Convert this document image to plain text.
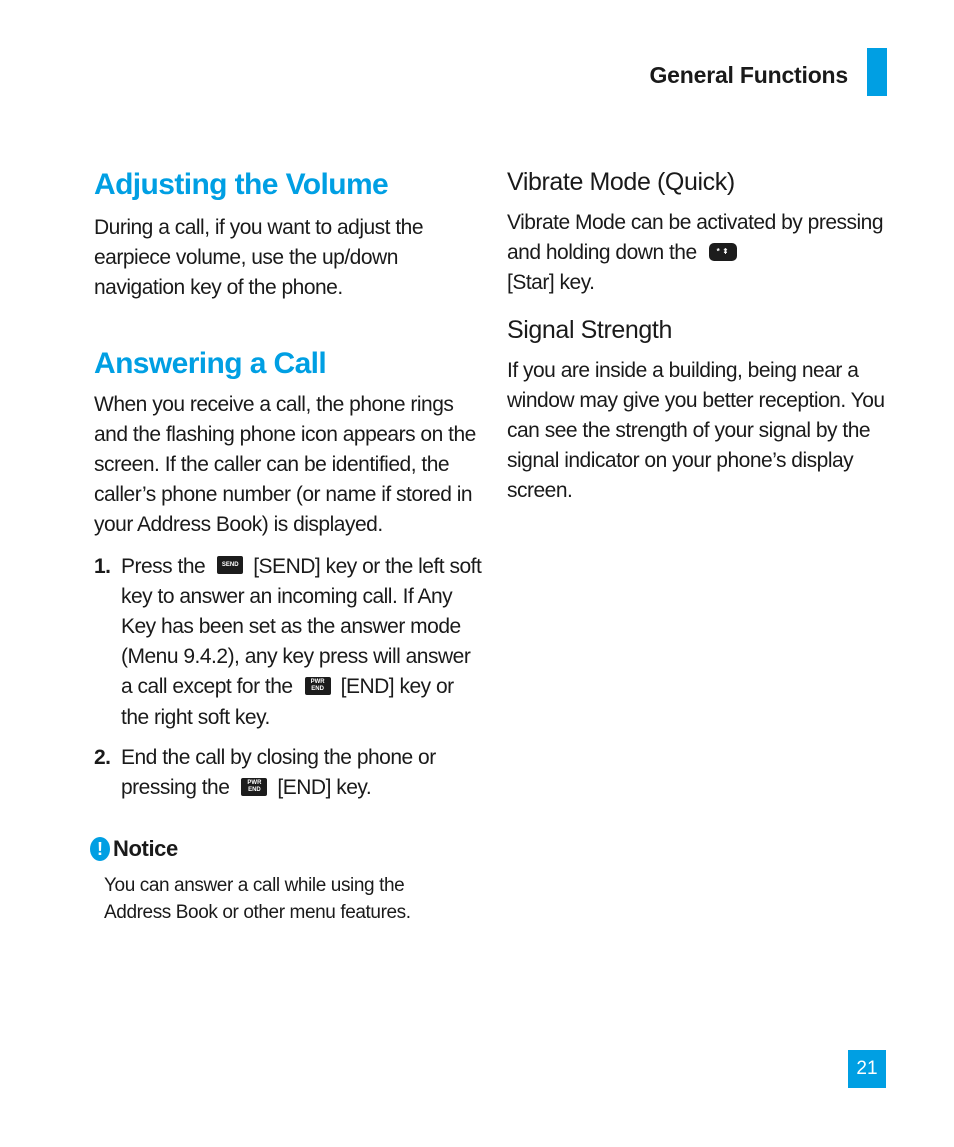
General Functions
Adjusting the Volume

During a call, if you want to adjust the earpiece volume, use the up/down navigation key of the phone.

Answering a Call

When you receive a call, the phone rings and the flashing phone icon appears on the screen. If the caller can be identified, the caller’s phone number (or name if stored in your Address Book) is displayed.

1. Press the	SEND [SEND] key or the left soft key to answer an incoming call. If Any Key has been set as the answer mode (Menu 9.4.2), any key press will answer a call except for the	PWR
END [END] key or the right soft key.
2. End the call by closing the phone or pressing the	PWR
END [END] key.
! Notice

You can answer a call while using the Address Book or other menu features.

Vibrate Mode (Quick)

Vibrate Mode can be activated by pressing and holding down the * ⇞
[Star] key.

Signal Strength

If you are inside a building, being near a window may give you better reception. You can see the strength of your signal by the signal indicator on your phone’s display screen.

21
